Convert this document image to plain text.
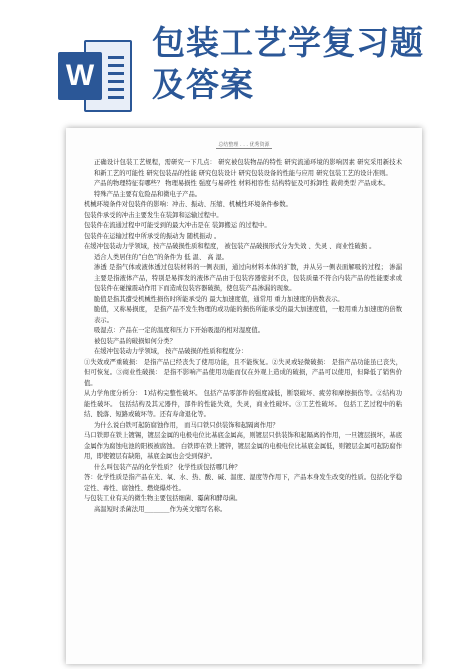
W
包装工艺学复习题
及答案
总结整理 . . . 优秀资源

正确设计包装工艺规程，需研究一下几点： 研究被包装物品的特性 研究流通环境的影响因素 研究采用新技术和新工艺的可能性 研究包装品的性能 研究包装设计 研究包装设备的性能与应用 研究包装工艺的设计准则。

产品的物理特征有哪些？ 物理易损性 强度与易碎性 材料相容性 结构特征及可拆卸性 载荷类型 产品成本。

特殊产品主要有危险品和微电子产品。

机械环境条件对包装件的影响：冲击、振动、压缩、机械性环境条件参数。

包装件承受的冲击主要发生在装卸和运输过程中。

包装件在流通过程中可能受到的最大冲击是在 装卸搬运 的过程中。

包装件在运输过程中所承受的振动为 随机振动 。

在缓冲包装动力学领域，按产品破损性质和程度， 被包装产品破损形式分为失效 、失灵 、商业性破损 。

适合人类居住的“白色”的条件为 低 温、 高 湿。

渗透 是指气体或液体透过包装材料的一侧表面，通过向材料本体的扩散，并从另一侧表面解吸的过程； 渗漏 主要是指液体产品，特别是易挥发的液体产品由于包装容器密封不良，包装质量不符合内装产品的性能要求或包装件在碰撞震动作用下而造成包装容器破损，使包装产品渗漏的现象。

脆值是指其遭受机械性损伤时所能承受的 最大加速度值，通常用 重力加速度的倍数表示。

脆值，又称易损度， 是指产品不发生物理的或功能的损伤所能承受的最大加速度值，一般用重力加速度的倍数 表示。

吸湿点：产品在一定的温度和压力下开始吸湿的相对湿度值。

被包装产品的破损如何分类？

在缓冲包装动力学领域， 按产品破损的性质和程度分：

①失效或严重破损： 是指产品已经丧失了使用功能，且不能恢复。②失灵或轻微破损： 是指产品功能虽已丧失，但可恢复。③商业性破损： 是指不影响产品使用功能而仅在外观上造成的破损，产品可以使用，但降低了销售价值。

从力学角度分析分： 1)结构完整性破坏。 包括产品零部件的强度减低，断裂破坏、疲劳和摩擦损伤等。②结构功能性破坏。 包括结构及其元器件，部件的性能失效，失灵，商业性破坏。③工艺性破坏。 包括工艺过程中的粘结、脱落、短路或破坏等。还有寿命退化等。

为什么说白铁可起防腐蚀作用， 而马口铁只供装饰和起隔离作用？

马口铁即在铁上镀锡，镀层金属的电极电位比基底金属高，则镀层只供装饰和起隔离的作用，一旦镀层损坏，基底金属作为腐蚀电池的阳极被腐蚀。 白铁即在铁上镀锌，镀层金属的电极电位比基底金属低，则镀层金属可起防腐作用，即使镀层有缺陷，基底金属也会受到保护。

什么叫包装产品的化学性质？ 化学性质包括哪几种？

答：化学性质是指产品在光、氧、水、热、酸、碱、温度、湿度等作用下，产品本身发生改变的性质。包括化学稳定性、毒性、腐蚀性、燃烧爆炸性。

与包装工业有关的微生物主要包括细菌、霉菌和酵母菌。

高温短时杀菌法用________作为英文缩写名称。
